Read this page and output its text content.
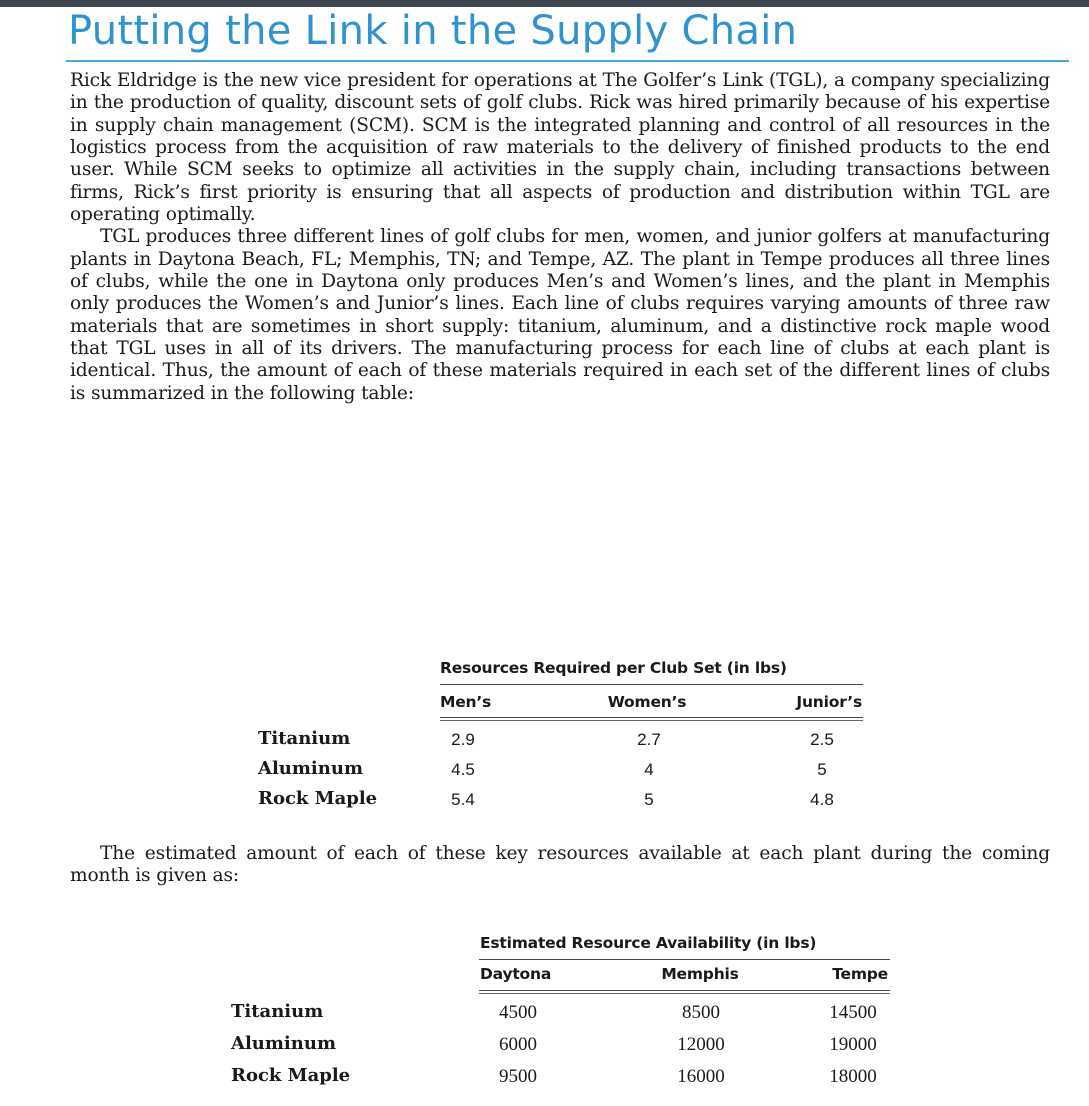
Putting the Link in the Supply Chain

Rick Eldridge is the new vice president for operations at The Golfer’s Link (TGL), a company specializing in the production of quality, discount sets of golf clubs. Rick was hired primarily because of his expertise in supply chain management (SCM). SCM is the integrated planning and control of all resources in the logistics process from the acquisition of raw materials to the delivery of finished products to the end user. While SCM seeks to optimize all activities in the supply chain, including transactions between firms, Rick’s first priority is ensuring that all aspects of production and distribution within TGL are operating optimally.

TGL produces three different lines of golf clubs for men, women, and junior golfers at manufacturing plants in Daytona Beach, FL; Memphis, TN; and Tempe, AZ. The plant in Tempe produces all three lines of clubs, while the one in Daytona only produces Men’s and Women’s lines, and the plant in Memphis only produces the Women’s and Junior’s lines. Each line of clubs requires varying amounts of three raw materials that are sometimes in short supply: titanium, aluminum, and a distinctive rock maple wood that TGL uses in all of its drivers. The manufacturing process for each line of clubs at each plant is identical. Thus, the amount of each of these materials required in each set of the different lines of clubs is summarized in the following table:

Resources Required per Club Set (in lbs)
Men’s	Women’s	Junior’s
Titanium	2.9	2.7	2.5
Aluminum	4.5	4	5
Rock Maple	5.4	5	4.8

The estimated amount of each of these key resources available at each plant during the coming month is given as:

Estimated Resource Availability (in lbs)
Daytona	Memphis	Tempe
Titanium	4500	8500	14500
Aluminum	6000	12000	19000
Rock Maple	9500	16000	18000
